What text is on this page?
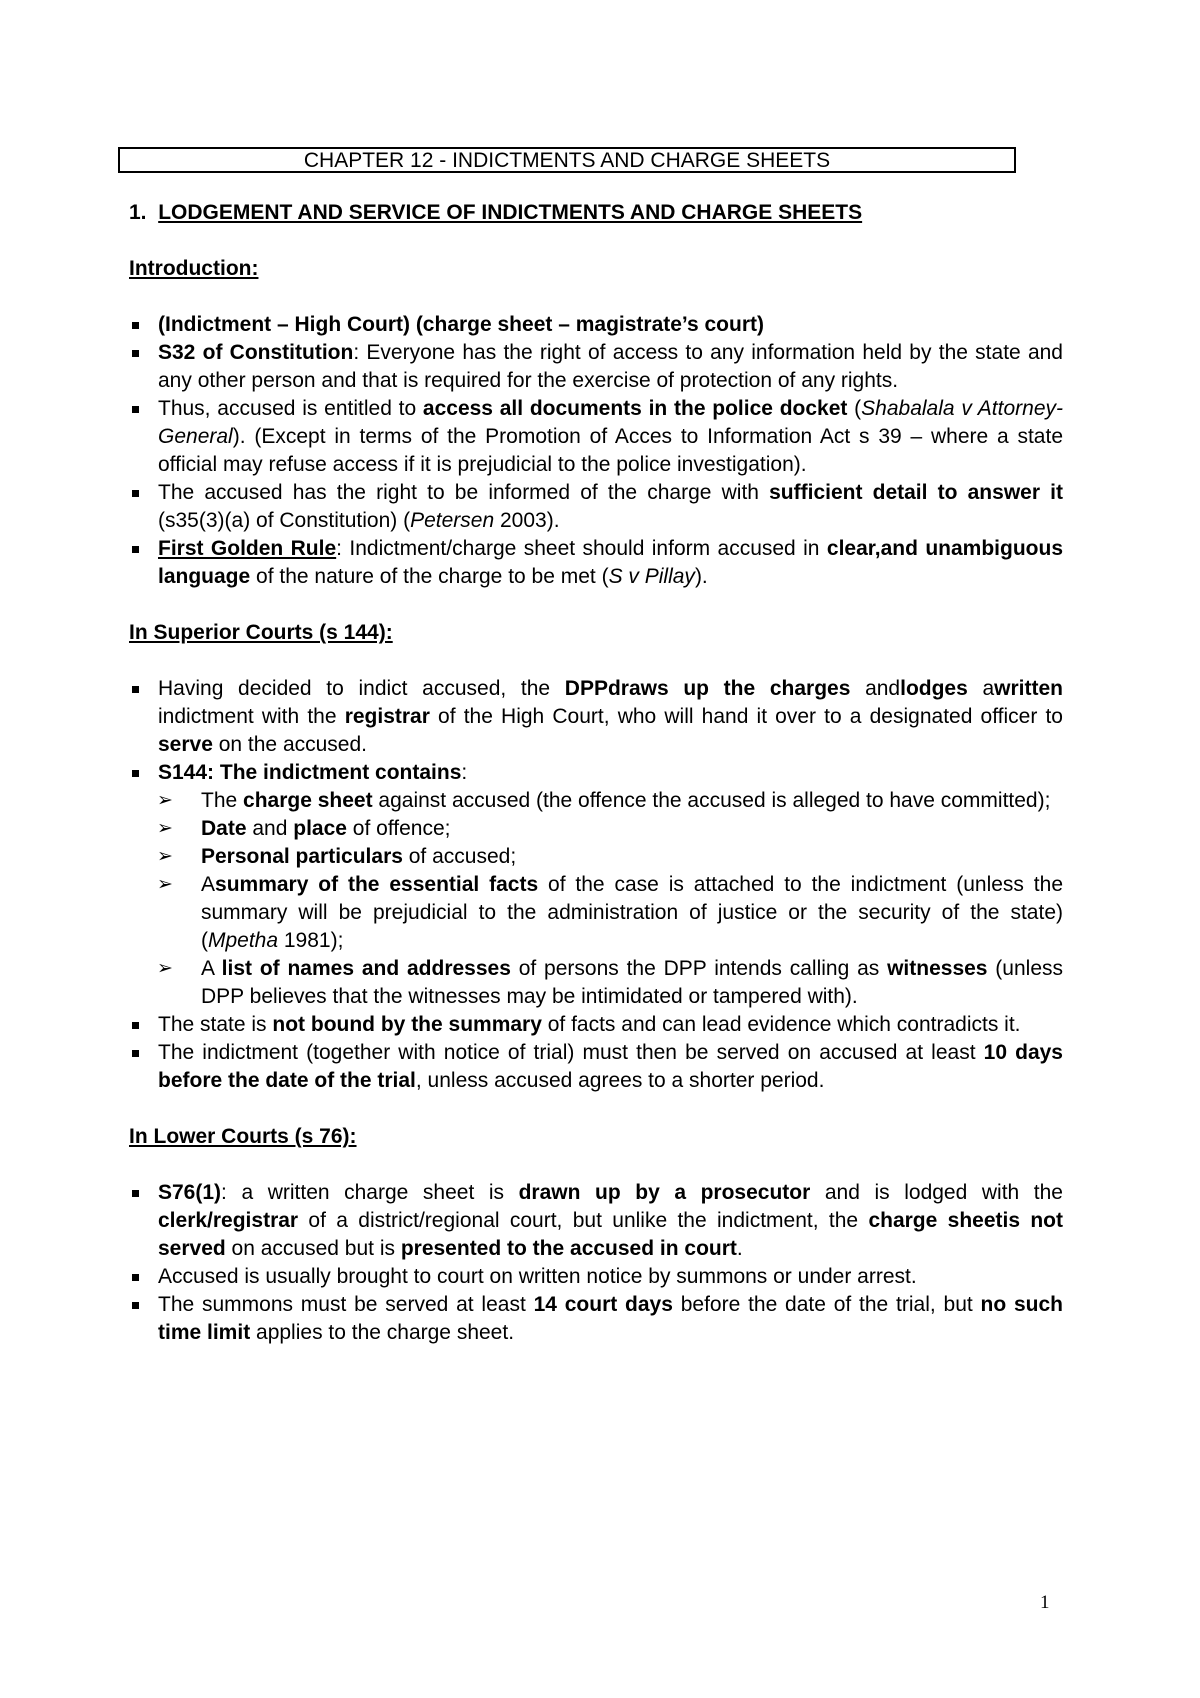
CHAPTER 12 - INDICTMENTS AND CHARGE SHEETS
1. LODGEMENT AND SERVICE OF INDICTMENTS AND CHARGE SHEETS
Introduction:
(Indictment – High Court) (charge sheet – magistrate’s court)
S32 of Constitution: Everyone has the right of access to any information held by the state and any other person and that is required for the exercise of protection of any rights.
Thus, accused is entitled to access all documents in the police docket (Shabalala v Attorney-General). (Except in terms of the Promotion of Acces to Information Act s 39 – where a state official may refuse access if it is prejudicial to the police investigation).
The accused has the right to be informed of the charge with sufficient detail to answer it (s35(3)(a) of Constitution) (Petersen 2003).
First Golden Rule: Indictment/charge sheet should inform accused in clear,and unambiguous language of the nature of the charge to be met (S v Pillay).
In Superior Courts (s 144):
Having decided to indict accused, the DPPdraws up the charges andlodges awritten indictment with the registrar of the High Court, who will hand it over to a designated officer to serve on the accused.
S144: The indictment contains:
➢ The charge sheet against accused (the offence the accused is alleged to have committed);
➢ Date and place of offence;
➢ Personal particulars of accused;
➢ Asummary of the essential facts of the case is attached to the indictment (unless the summary will be prejudicial to the administration of justice or the security of the state) (Mpetha 1981);
➢ A list of names and addresses of persons the DPP intends calling as witnesses (unless DPP believes that the witnesses may be intimidated or tampered with).
The state is not bound by the summary of facts and can lead evidence which contradicts it.
The indictment (together with notice of trial) must then be served on accused at least 10 days before the date of the trial, unless accused agrees to a shorter period.
In Lower Courts (s 76):
S76(1): a written charge sheet is drawn up by a prosecutor and is lodged with the clerk/registrar of a district/regional court, but unlike the indictment, the charge sheetis not served on accused but is presented to the accused in court.
Accused is usually brought to court on written notice by summons or under arrest.
The summons must be served at least 14 court days before the date of the trial, but no such time limit applies to the charge sheet.
1
